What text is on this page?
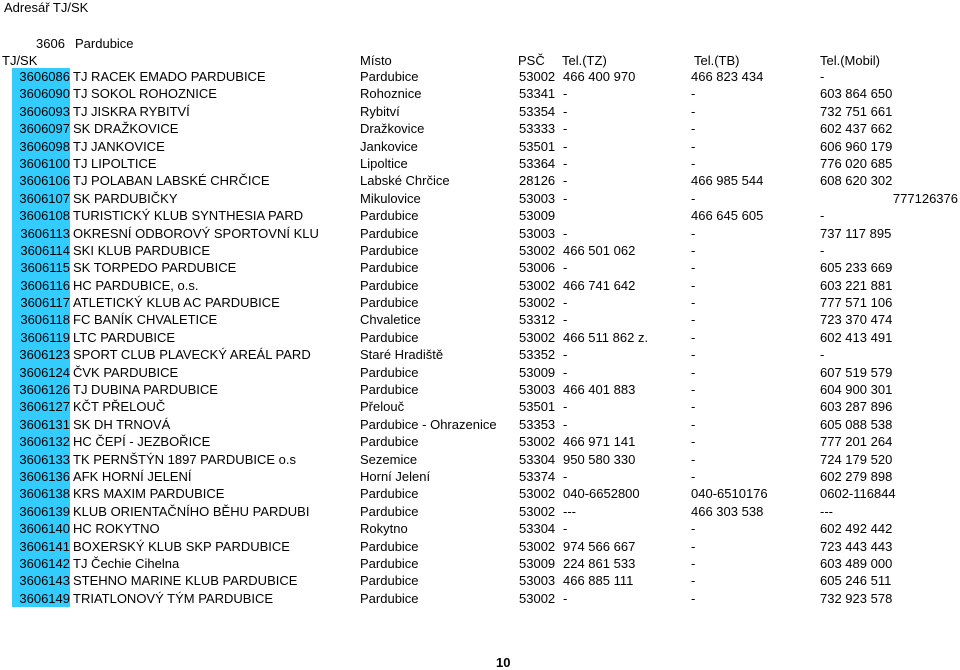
Adresář TJ/SK
3606 Pardubice
TJ/SK	Místo	PSČ Tel.(TZ)	Tel.(TB)	Tel.(Mobil)
3606086 TJ RACEK EMADO PARDUBICE	Pardubice	53002 466 400 970	466 823 434	-
3606090 TJ SOKOL ROHOZNICE	Rohoznice	53341 -	-	603 864 650
3606093 TJ JISKRA RYBITVÍ	Rybitví	53354 -	-	732 751 661
3606097 SK DRAŽKOVICE	Dražkovice	53333 -	-	602 437 662
3606098 TJ JANKOVICE	Jankovice	53501 -	-	606 960 179
3606100 TJ LIPOLTICE	Lipoltice	53364 -	-	776 020 685
3606106 TJ POLABAN LABSKÉ CHRČICE	Labské Chrčice	28126 -	466 985 544	608 620 302
3606107 SK PARDUBIČKY	Mikulovice	53003 -	-	777126376
3606108 TURISTICKÝ KLUB SYNTHESIA PARD	Pardubice	53009	466 645 605	-
3606113 OKRESNÍ ODBOROVÝ SPORTOVNÍ KLU	Pardubice	53003 -	-	737 117 895
3606114 SKI KLUB PARDUBICE	Pardubice	53002 466 501 062	-	-
3606115 SK TORPEDO PARDUBICE	Pardubice	53006 -	-	605 233 669
3606116 HC PARDUBICE, o.s.	Pardubice	53002 466 741 642	-	603 221 881
3606117 ATLETICKÝ KLUB AC PARDUBICE	Pardubice	53002 -	-	777 571 106
3606118 FC BANÍK CHVALETICE	Chvaletice	53312 -	-	723 370 474
3606119 LTC PARDUBICE	Pardubice	53002 466 511 862 z.	-	602 413 491
3606123 SPORT CLUB PLAVECKÝ AREÁL PARD	Staré Hradiště	53352 -	-	-
3606124 ČVK PARDUBICE	Pardubice	53009 -	-	607 519 579
3606126 TJ DUBINA PARDUBICE	Pardubice	53003 466 401 883	-	604 900 301
3606127 KČT PŘELOUČ	Přelouč	53501 -	-	603 287 896
3606131 SK DH TRNOVÁ	Pardubice - Ohrazenice 53353 -	-	605 088 538
3606132 HC ČEPÍ - JEZBOŘICE	Pardubice	53002 466 971 141	-	777 201 264
3606133 TK PERNŠTÝN 1897 PARDUBICE o.s	Sezemice	53304 950 580 330	-	724 179 520
3606136 AFK HORNÍ JELENÍ	Horní Jelení	53374 -	-	602 279 898
3606138 KRS MAXIM PARDUBICE	Pardubice	53002 040-6652800	040-6510176	0602-116844
3606139 KLUB ORIENTAČNÍHO BĚHU PARDUBI	Pardubice	53002 ---	466 303 538	---
3606140 HC ROKYTNO	Rokytno	53304 -	-	602 492 442
3606141 BOXERSKÝ KLUB SKP PARDUBICE	Pardubice	53002 974 566 667	-	723 443 443
3606142 TJ Čechie Cihelna	Pardubice	53009 224 861 533	-	603 489 000
3606143 STEHNO MARINE KLUB PARDUBICE	Pardubice	53003 466 885 111	-	605 246 511
3606149 TRIATLONOVÝ TÝM PARDUBICE	Pardubice	53002 -	-	732 923 578
10
